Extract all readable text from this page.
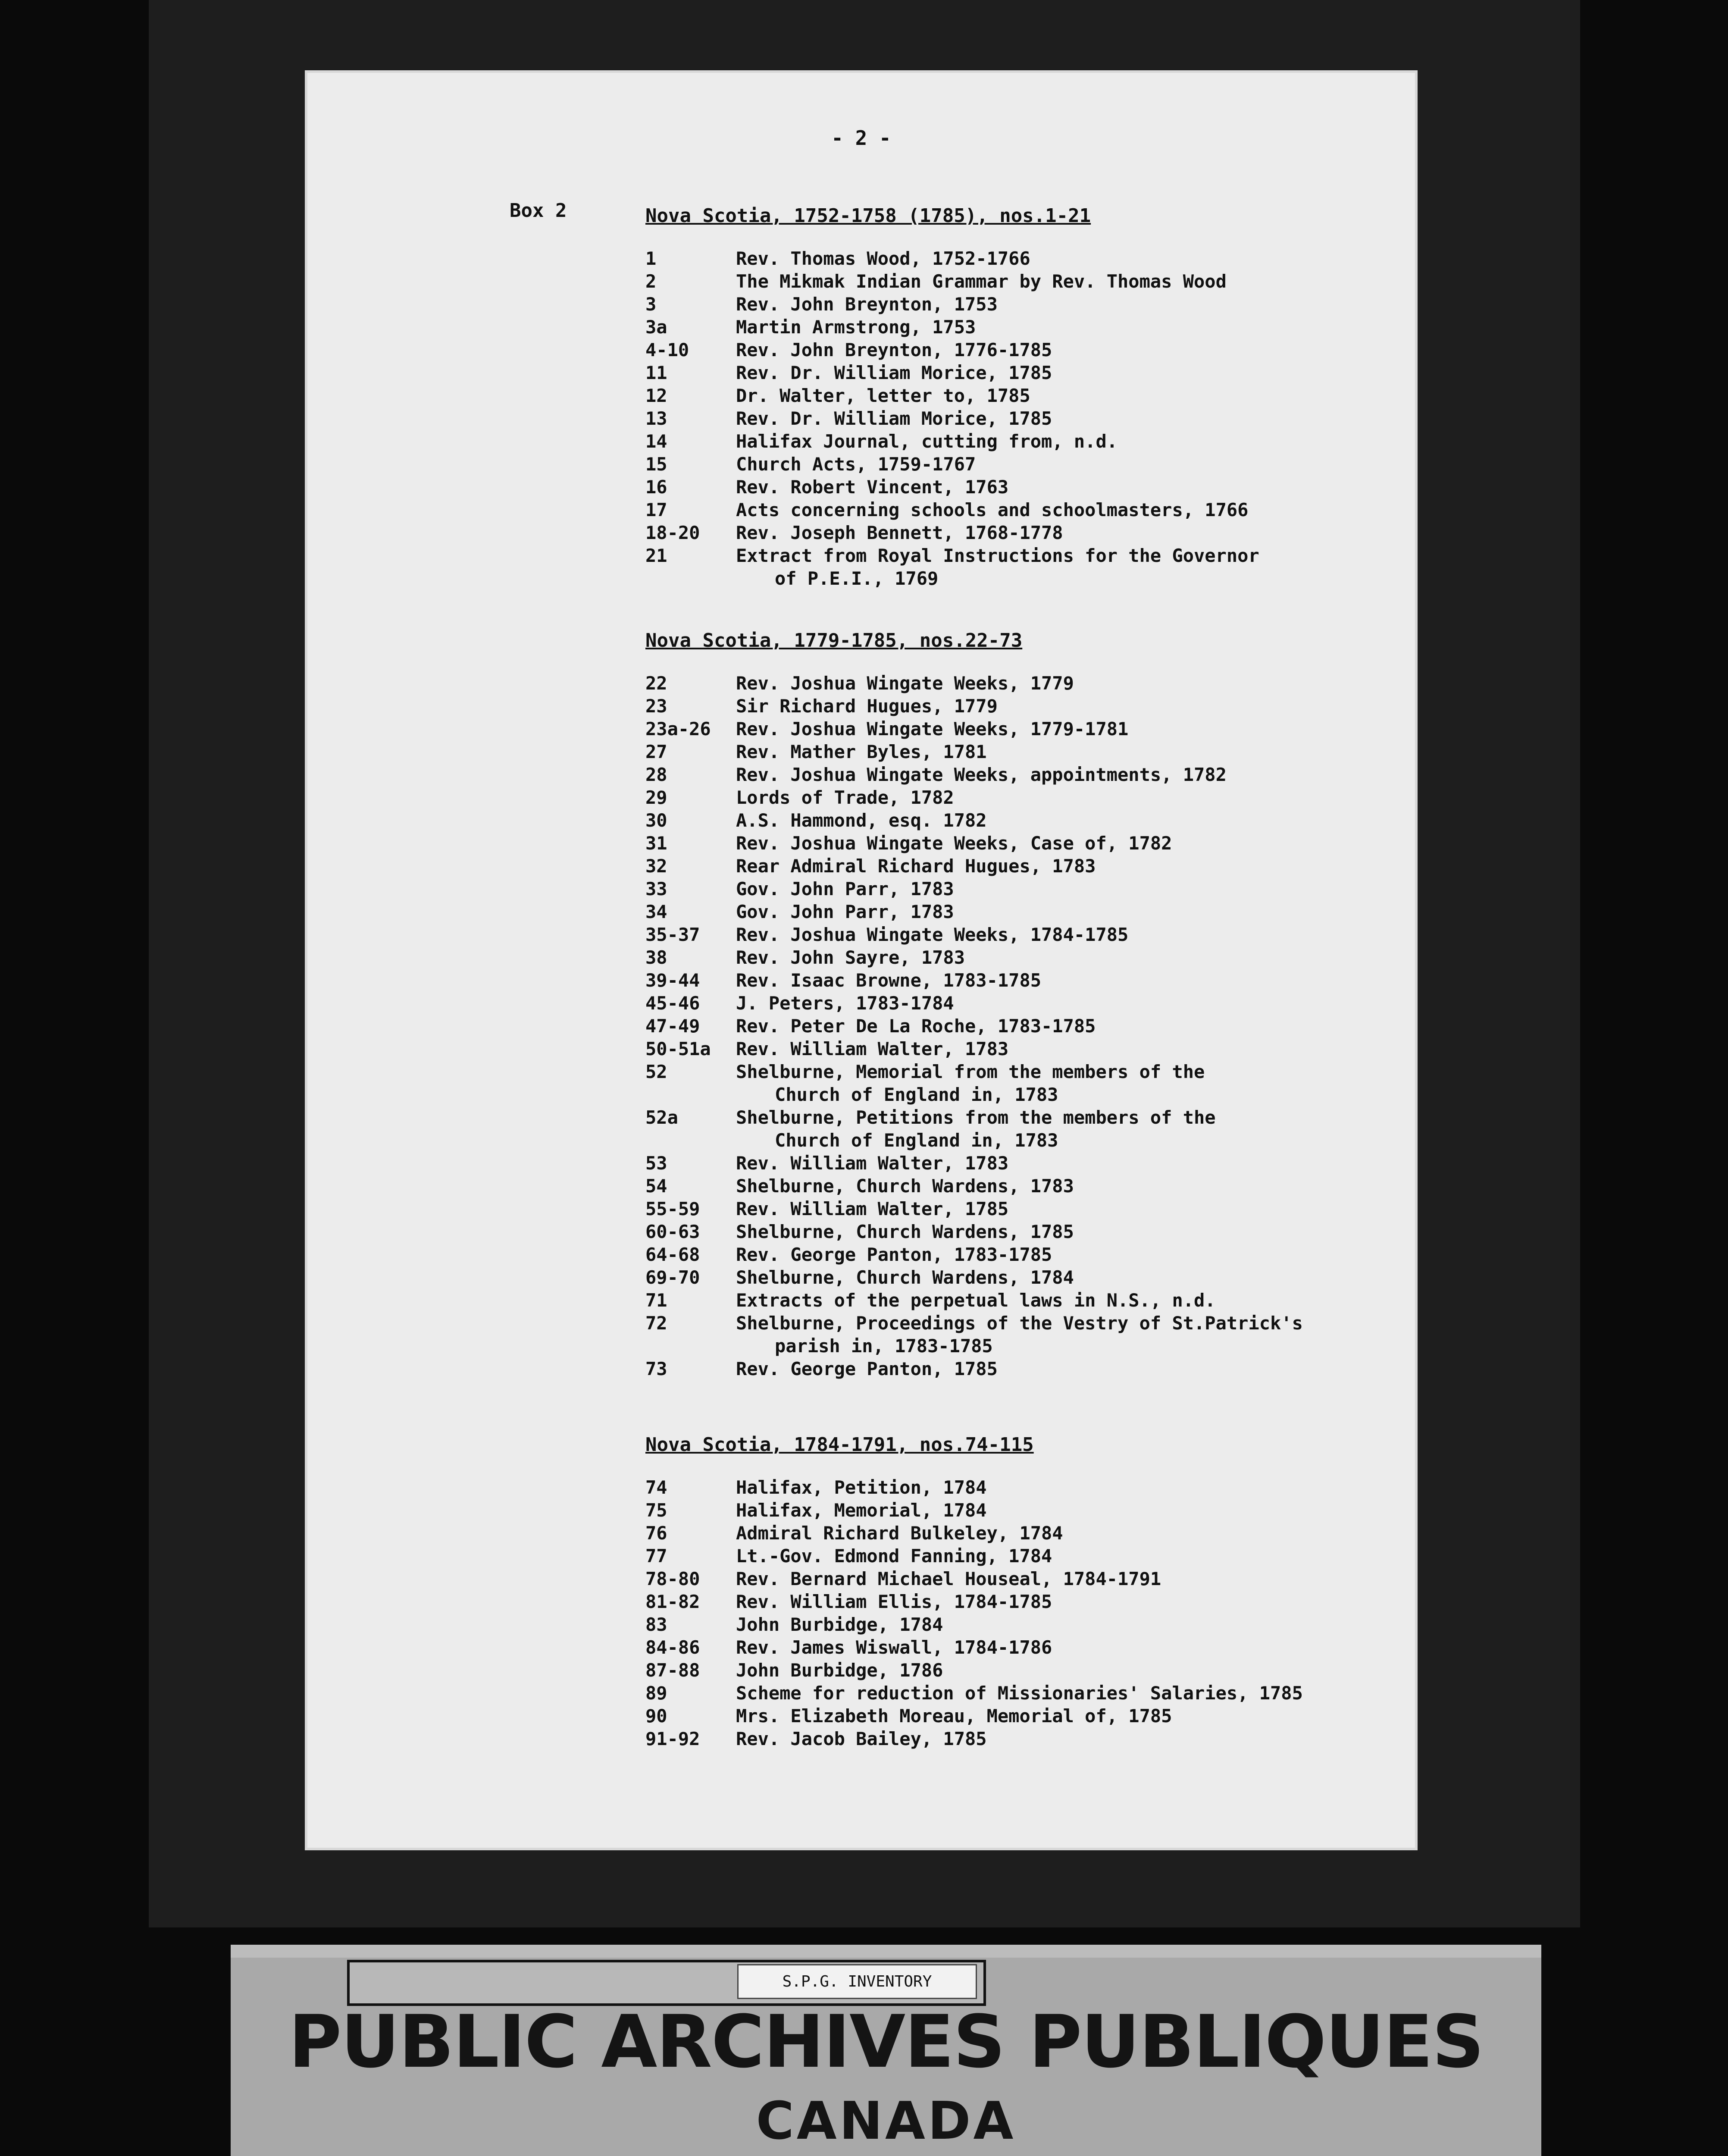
- 2 -
Box 2	Nova Scotia, 1752-1758 (1785), nos.1-21
1	Rev. Thomas Wood, 1752-1766
2	The Mikmak Indian Grammar by Rev. Thomas Wood
3	Rev. John Breynton, 1753
3a	Martin Armstrong, 1753
4-10	Rev. John Breynton, 1776-1785
11	Rev. Dr. William Morice, 1785
12	Dr. Walter, letter to, 1785
13	Rev. Dr. William Morice, 1785
14	Halifax Journal, cutting from, n.d.
15	Church Acts, 1759-1767
16	Rev. Robert Vincent, 1763
17	Acts concerning schools and schoolmasters, 1766
18-20	Rev. Joseph Bennett, 1768-1778
21	Extract from Royal Instructions for the Governor
of P.E.I., 1769
Nova Scotia, 1779-1785, nos.22-73
22	Rev. Joshua Wingate Weeks, 1779
23	Sir Richard Hugues, 1779
23a-26	Rev. Joshua Wingate Weeks, 1779-1781
27	Rev. Mather Byles, 1781
28	Rev. Joshua Wingate Weeks, appointments, 1782
29	Lords of Trade, 1782
30	A.S. Hammond, esq. 1782
31	Rev. Joshua Wingate Weeks, Case of, 1782
32	Rear Admiral Richard Hugues, 1783
33	Gov. John Parr, 1783
34	Gov. John Parr, 1783
35-37	Rev. Joshua Wingate Weeks, 1784-1785
38	Rev. John Sayre, 1783
39-44	Rev. Isaac Browne, 1783-1785
45-46	J. Peters, 1783-1784
47-49	Rev. Peter De La Roche, 1783-1785
50-51a	Rev. William Walter, 1783
52	Shelburne, Memorial from the members of the
Church of England in, 1783
52a	Shelburne, Petitions from the members of the
Church of England in, 1783
53	Rev. William Walter, 1783
54	Shelburne, Church Wardens, 1783
55-59	Rev. William Walter, 1785
60-63	Shelburne, Church Wardens, 1785
64-68	Rev. George Panton, 1783-1785
69-70	Shelburne, Church Wardens, 1784
71	Extracts of the perpetual laws in N.S., n.d.
72	Shelburne, Proceedings of the Vestry of St.Patrick's
parish in, 1783-1785
73	Rev. George Panton, 1785
Nova Scotia, 1784-1791, nos.74-115
74	Halifax, Petition, 1784
75	Halifax, Memorial, 1784
76	Admiral Richard Bulkeley, 1784
77	Lt.-Gov. Edmond Fanning, 1784
78-80	Rev. Bernard Michael Houseal, 1784-1791
81-82	Rev. William Ellis, 1784-1785
83	John Burbidge, 1784
84-86	Rev. James Wiswall, 1784-1786
87-88	John Burbidge, 1786
89	Scheme for reduction of Missionaries' Salaries, 1785
90	Mrs. Elizabeth Moreau, Memorial of, 1785
91-92	Rev. Jacob Bailey, 1785
S.P.G. INVENTORY
PUBLIC ARCHIVES PUBLIQUES
CANADA
